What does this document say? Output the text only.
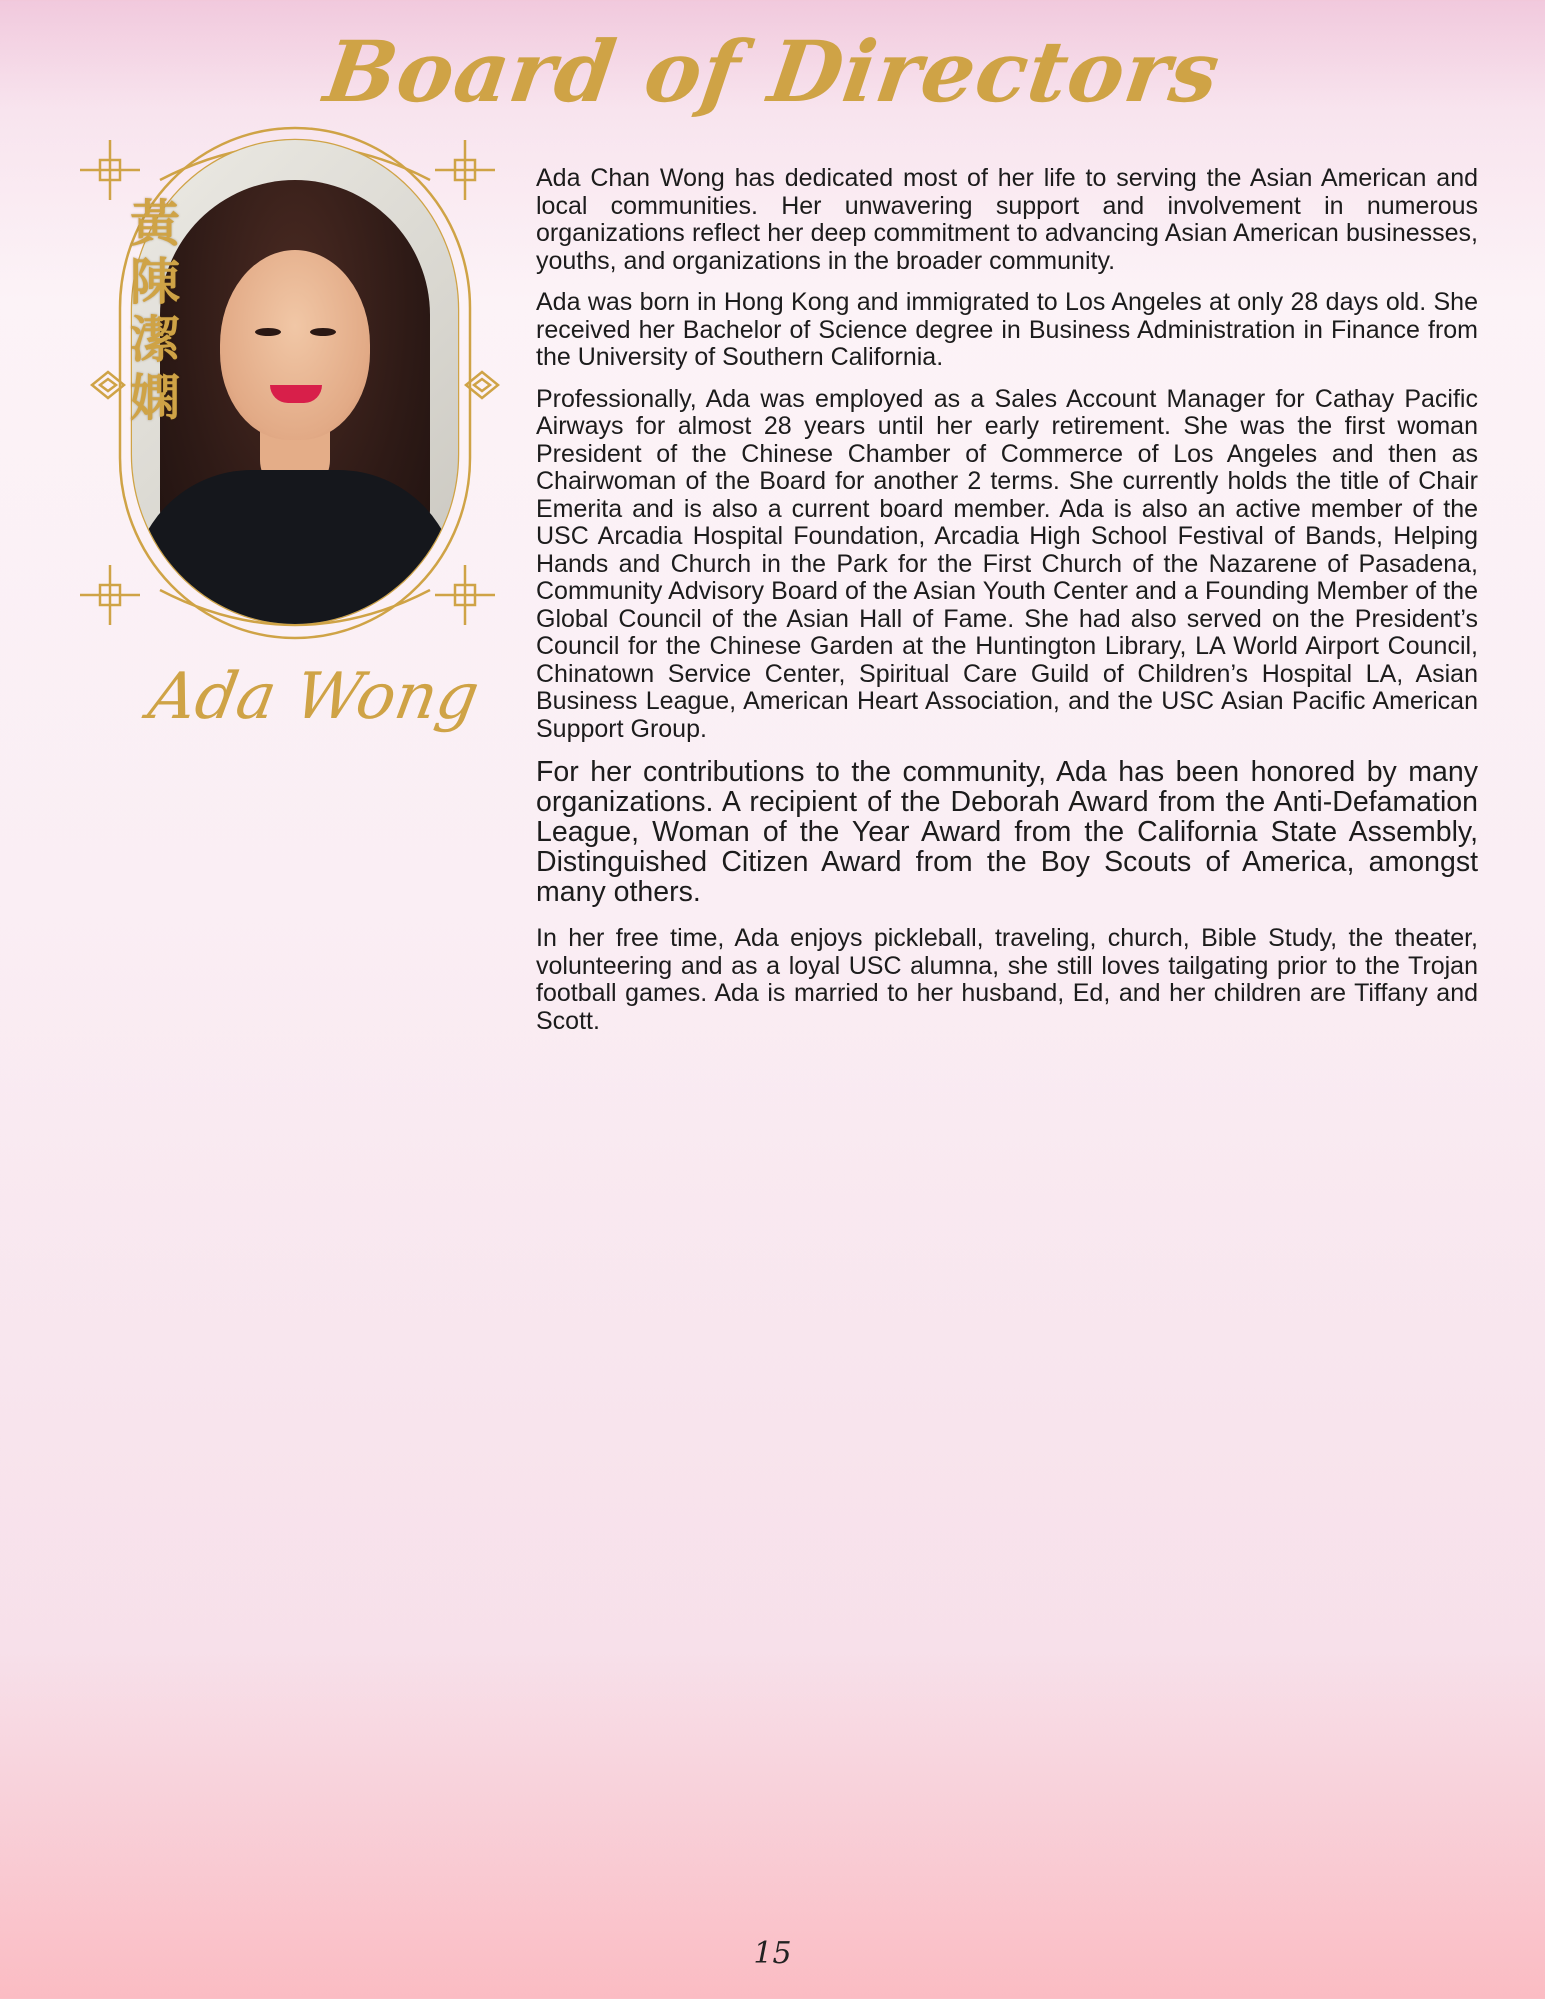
Board of Directors

黃陳潔嫻

Ada Wong

Ada Chan Wong has dedicated most of her life to serving the Asian American and local communities. Her unwavering support and involvement in numerous organizations reflect her deep commitment to advancing Asian American businesses, youths, and organizations in the broader community.

Ada was born in Hong Kong and immigrated to Los Angeles at only 28 days old. She received her Bachelor of Science degree in Business Administration in Finance from the University of Southern California.

Professionally, Ada was employed as a Sales Account Manager for Cathay Pacific Airways for almost 28 years until her early retirement. She was the first woman President of the Chinese Chamber of Commerce of Los Angeles and then as Chairwoman of the Board for another 2 terms. She currently holds the title of Chair Emerita and is also a current board member. Ada is also an active member of the USC Arcadia Hospital Foundation, Arcadia High School Festival of Bands, Helping Hands and Church in the Park for the First Church of the Nazarene of Pasadena, Community Advisory Board of the Asian Youth Center and a Founding Member of the Global Council of the Asian Hall of Fame. She had also served on the President’s Council for the Chinese Garden at the Huntington Library, LA World Airport Council, Chinatown Service Center, Spiritual Care Guild of Children’s Hospital LA, Asian Business League, American Heart Association, and the USC Asian Pacific American Support Group.

For her contributions to the community, Ada has been honored by many organizations. A recipient of the Deborah Award from the Anti-Defamation League, Woman of the Year Award from the California State Assembly, Distinguished Citizen Award from the Boy Scouts of America, amongst many others.

In her free time, Ada enjoys pickleball, traveling, church, Bible Study, the theater, volunteering and as a loyal USC alumna, she still loves tailgating prior to the Trojan football games. Ada is married to her husband, Ed, and her children are Tiffany and Scott.

15
